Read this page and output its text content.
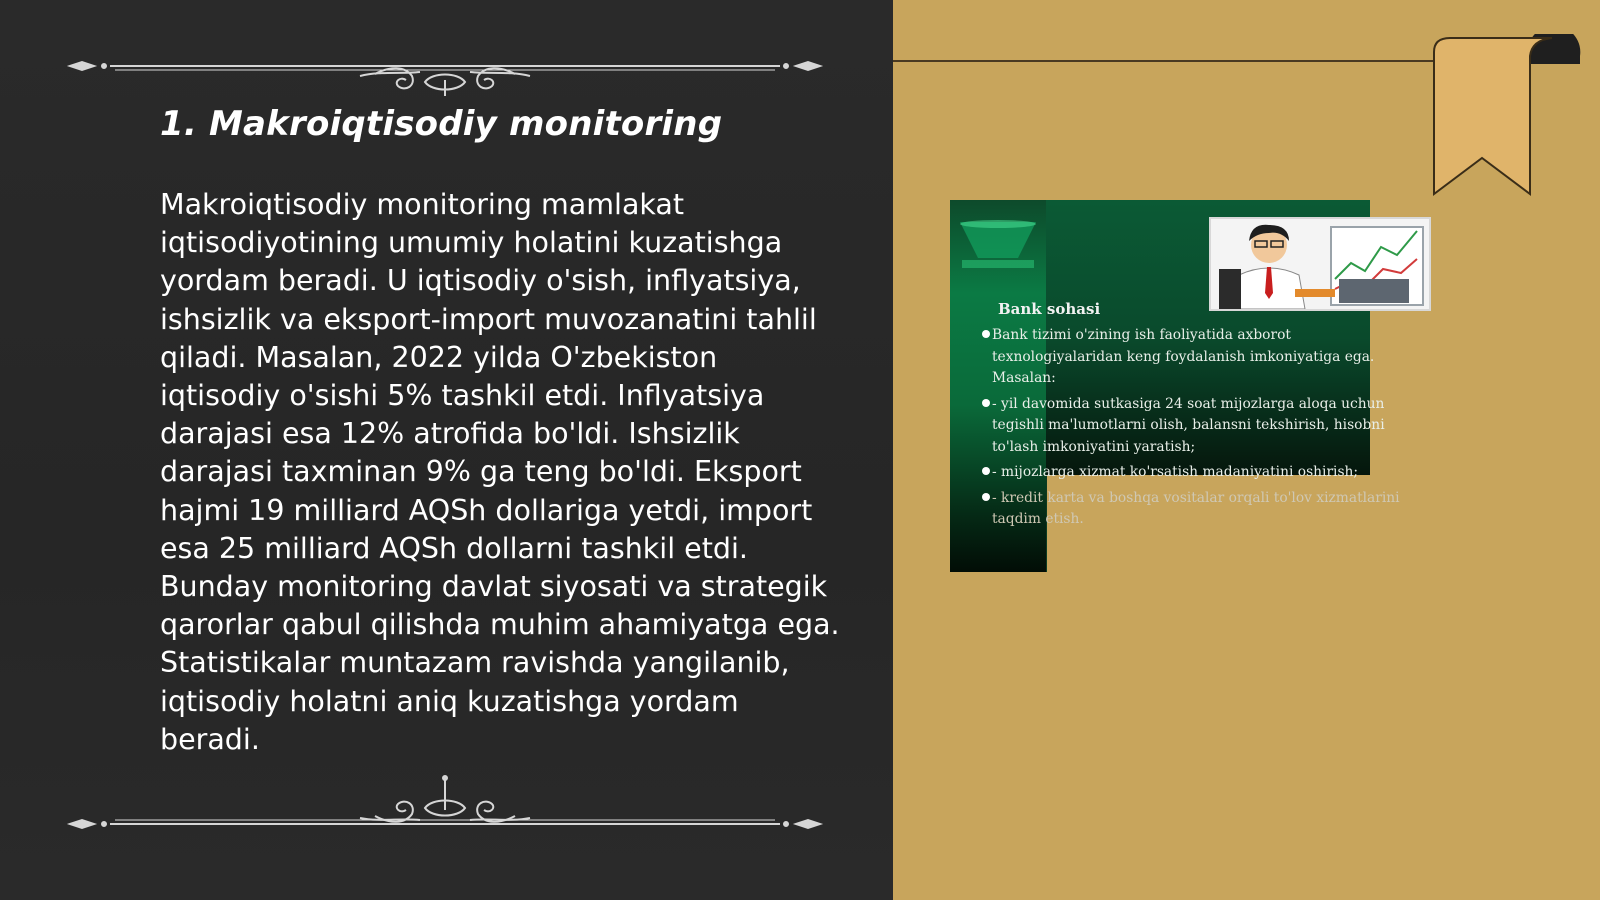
1. Makroiqtisodiy monitoring

Makroiqtisodiy monitoring mamlakat iqtisodiyotining umumiy holatini kuzatishga yordam beradi. U iqtisodiy o'sish, inflyatsiya, ishsizlik va eksport-import muvozanatini tahlil qiladi. Masalan, 2022 yilda O'zbekiston iqtisodiy o'sishi 5% tashkil etdi. Inflyatsiya darajasi esa 12% atrofida bo'ldi. Ishsizlik darajasi taxminan 9% ga teng bo'ldi. Eksport hajmi 19 milliard AQSh dollariga yetdi, import esa 25 milliard AQSh dollarni tashkil etdi. Bunday monitoring davlat siyosati va strategik qarorlar qabul qilishda muhim ahamiyatga ega. Statistikalar muntazam ravishda yangilanib, iqtisodiy holatni aniq kuzatishga yordam beradi.

Bank sohasi
Bank tizimi o'zining ish faoliyatida axborot texnologiyalaridan keng foydalanish imkoniyatiga ega. Masalan:
- yil davomida sutkasiga 24 soat mijozlarga aloqa uchun tegishli ma'lumotlarni olish, balansni tekshirish, hisobni to'lash imkoniyatini yaratish;
- mijozlarga xizmat ko'rsatish madaniyatini oshirish;
- kredit karta va boshqa vositalar orqali to'lov xizmatlarini taqdim etish.
